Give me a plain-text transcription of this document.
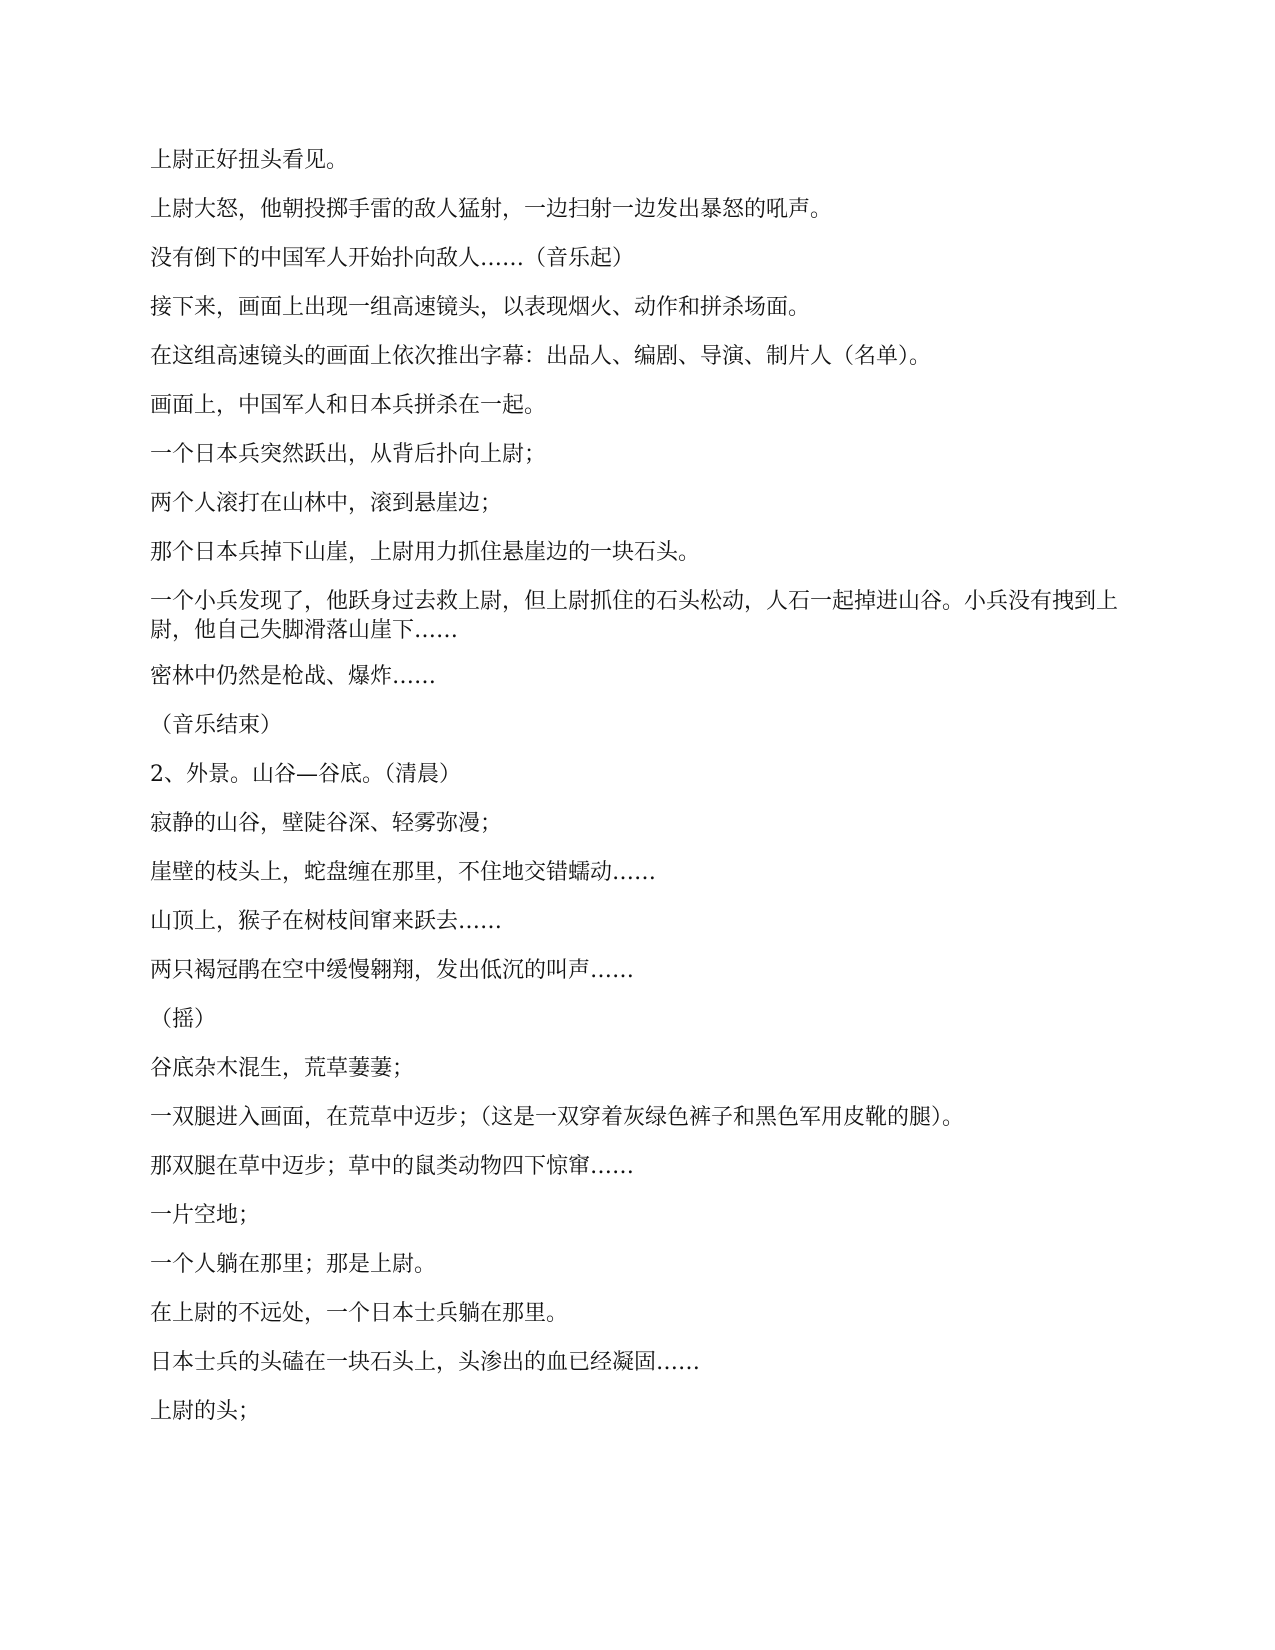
上尉正好扭头看见。

上尉大怒，他朝投掷手雷的敌人猛射，一边扫射一边发出暴怒的吼声。

没有倒下的中国军人开始扑向敌人……（音乐起）

接下来，画面上出现一组高速镜头，以表现烟火、动作和拼杀场面。

在这组高速镜头的画面上依次推出字幕：出品人、编剧、导演、制片人（名单）。

画面上，中国军人和日本兵拼杀在一起。

一个日本兵突然跃出，从背后扑向上尉；

两个人滚打在山林中，滚到悬崖边；

那个日本兵掉下山崖，上尉用力抓住悬崖边的一块石头。

一个小兵发现了，他跃身过去救上尉，但上尉抓住的石头松动，人石一起掉进山谷。小兵没有拽到上尉，他自己失脚滑落山崖下……

密林中仍然是枪战、爆炸……

（音乐结束）

2、外景。山谷—谷底。（清晨）

寂静的山谷，壁陡谷深、轻雾弥漫；

崖壁的枝头上，蛇盘缠在那里，不住地交错蠕动……

山顶上，猴子在树枝间窜来跃去……

两只褐冠鹃在空中缓慢翱翔，发出低沉的叫声……

（摇）

谷底杂木混生，荒草萋萋；

一双腿进入画面，在荒草中迈步；（这是一双穿着灰绿色裤子和黑色军用皮靴的腿）。

那双腿在草中迈步；草中的鼠类动物四下惊窜……

一片空地；

一个人躺在那里；那是上尉。

在上尉的不远处，一个日本士兵躺在那里。

日本士兵的头磕在一块石头上，头渗出的血已经凝固……

上尉的头；
